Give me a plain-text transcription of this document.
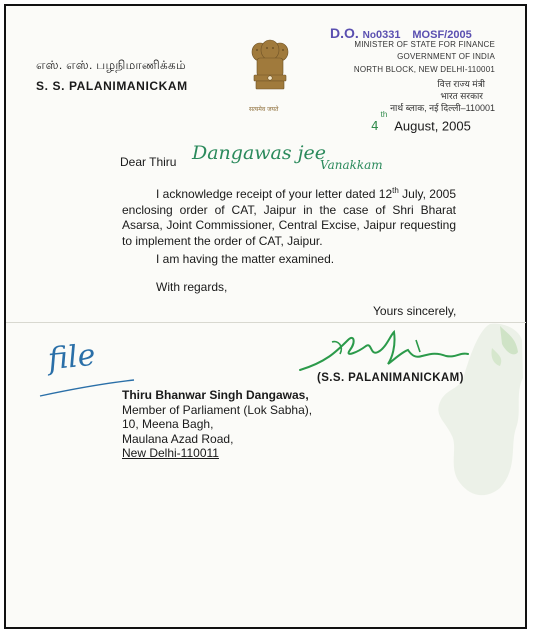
எஸ். எஸ். பழநிமாணிக்கம்
S. S. PALANIMANICKAM
सत्यमेव जयते
D.O. No0331 MOSF/2005
MINISTER OF STATE FOR FINANCE
GOVERNMENT OF INDIA
NORTH BLOCK, NEW DELHI-110001
वित्त राज्य मंत्री
भारत सरकार
नार्थ ब्लाक, नई दिल्ली–110001
4th August, 2005
Dear Thiru Dangawas jee
Vanakkam
I acknowledge receipt of your letter dated 12th July, 2005 enclosing order of CAT, Jaipur in the case of Shri Bharat Asarsa, Joint Commissioner, Central Excise, Jaipur requesting to implement the order of CAT, Jaipur.
I am having the matter examined.
With regards,
Yours sincerely,
(S.S. PALANIMANICKAM)
file
Thiru Bhanwar Singh Dangawas,
Member of Parliament (Lok Sabha),
10, Meena Bagh,
Maulana Azad Road,
New Delhi-110011
